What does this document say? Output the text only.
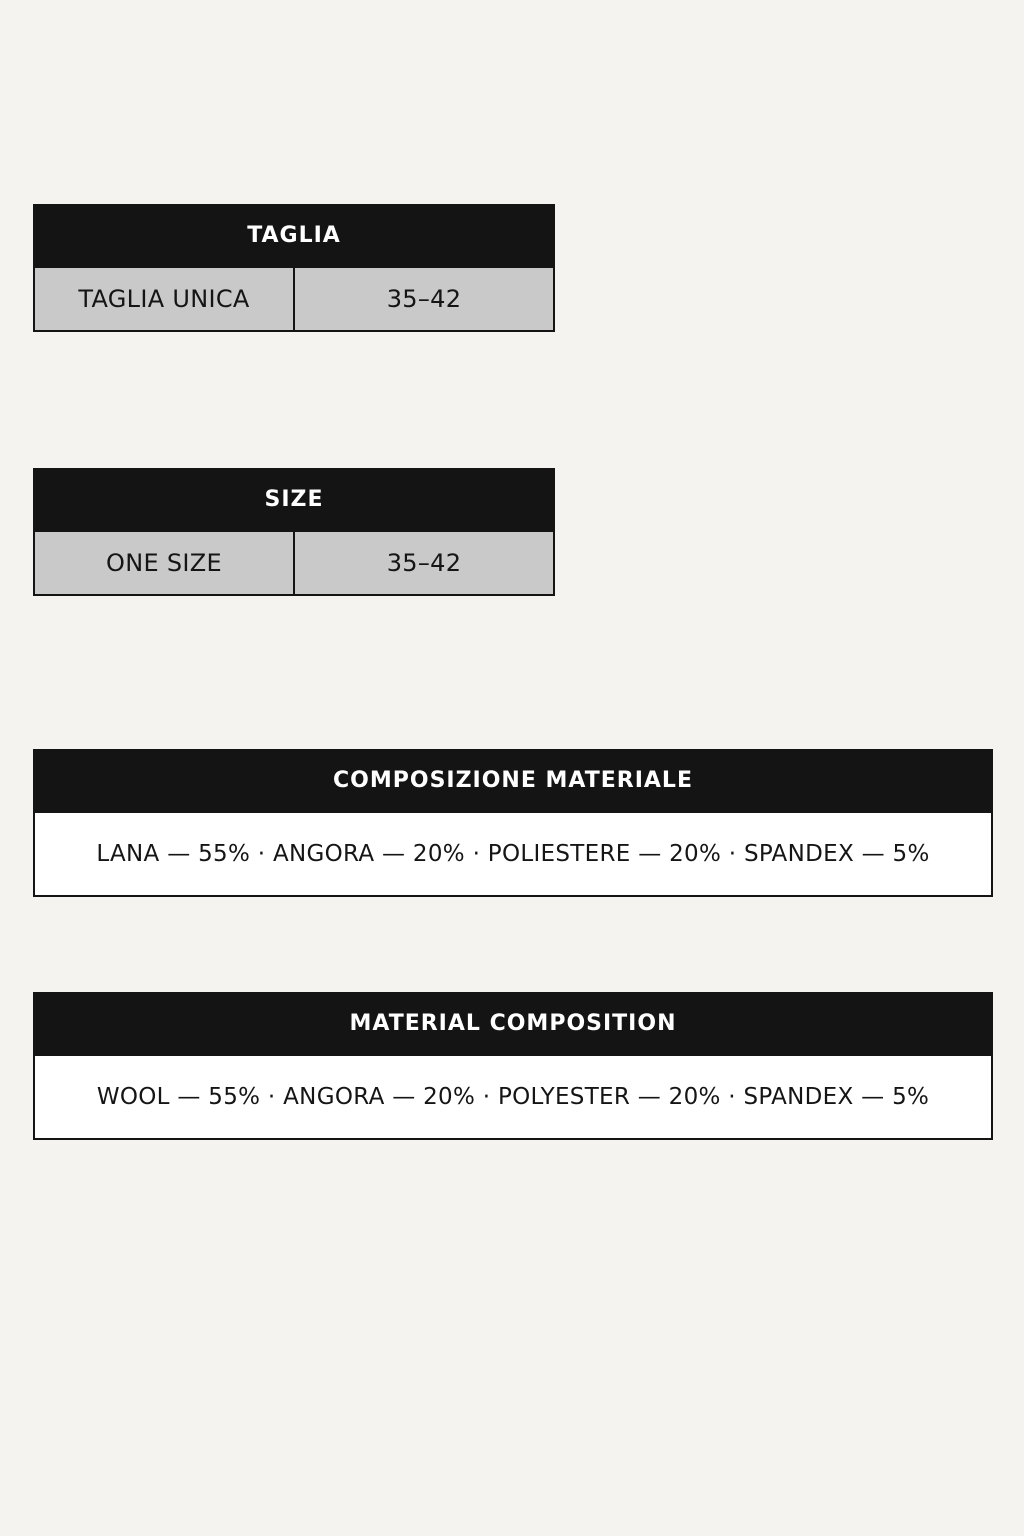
TAGLIA
TAGLIA UNICA	35–42
SIZE
ONE SIZE	35–42
COMPOSIZIONE MATERIALE
LANA — 55% · ANGORA — 20% · POLIESTERE — 20% · SPANDEX — 5%
MATERIAL COMPOSITION
WOOL — 55% · ANGORA — 20% · POLYESTER — 20% · SPANDEX — 5%
